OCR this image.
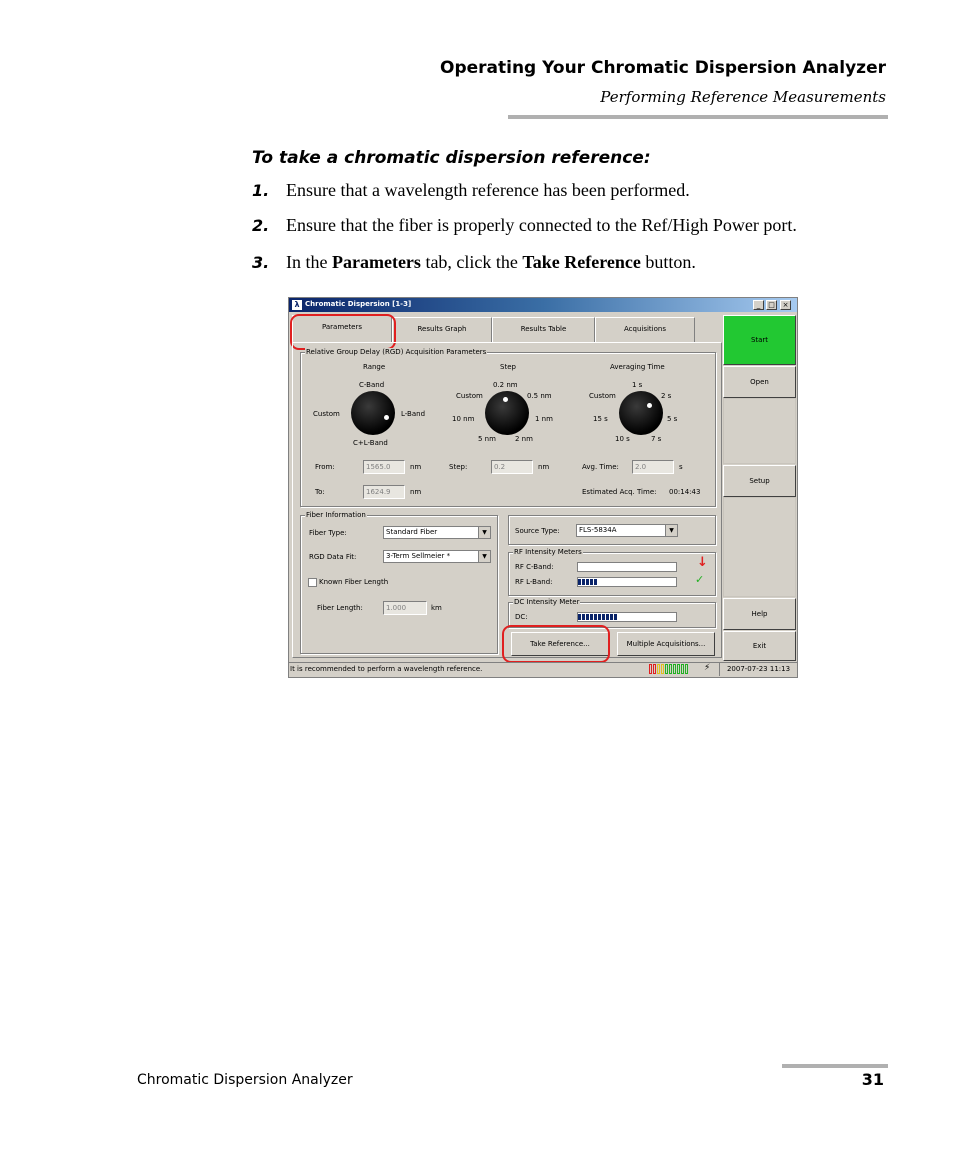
Operating Your Chromatic Dispersion Analyzer
Performing Reference Measurements
To take a chromatic dispersion reference:
1. Ensure that a wavelength reference has been performed.
2. Ensure that the fiber is properly connected to the Ref/High Power port.
3. In the Parameters tab, click the Take Reference button.
λ Chromatic Dispersion [1-3]	_	□	×
Parameters	Results Graph	Results Table	Acquisitions
Relative Group Delay (RGD) Acquisition Parameters
Range	Step	Averaging Time
C-Band
Custom	L-Band
C+L-Band
0.2 nm
Custom	0.5 nm
10 nm	1 nm
5 nm	2 nm
1 s
Custom	2 s
15 s	5 s
10 s	7 s
From:	1565.0	nm
To:	1624.9	nm
Step:	0.2	nm	Avg. Time:	2.0	s
Estimated Acq. Time: 00:14:43
Fiber Information
Fiber Type:	Standard Fiber	▼
RGD Data Fit:	3-Term Sellmeier *	▼
Known Fiber Length
Fiber Length:	1.000	km
Source Type:	FLS-5834A	▼
RF Intensity Meters
RF C-Band:	↓
RF L-Band:	✓
DC Intensity Meter
DC:
Take Reference...	Multiple Acquisitions...
Start
Open
Setup
Help
Exit
It is recommended to perform a wavelength reference.	⚡	2007-07-23 11:13
Chromatic Dispersion Analyzer	31
